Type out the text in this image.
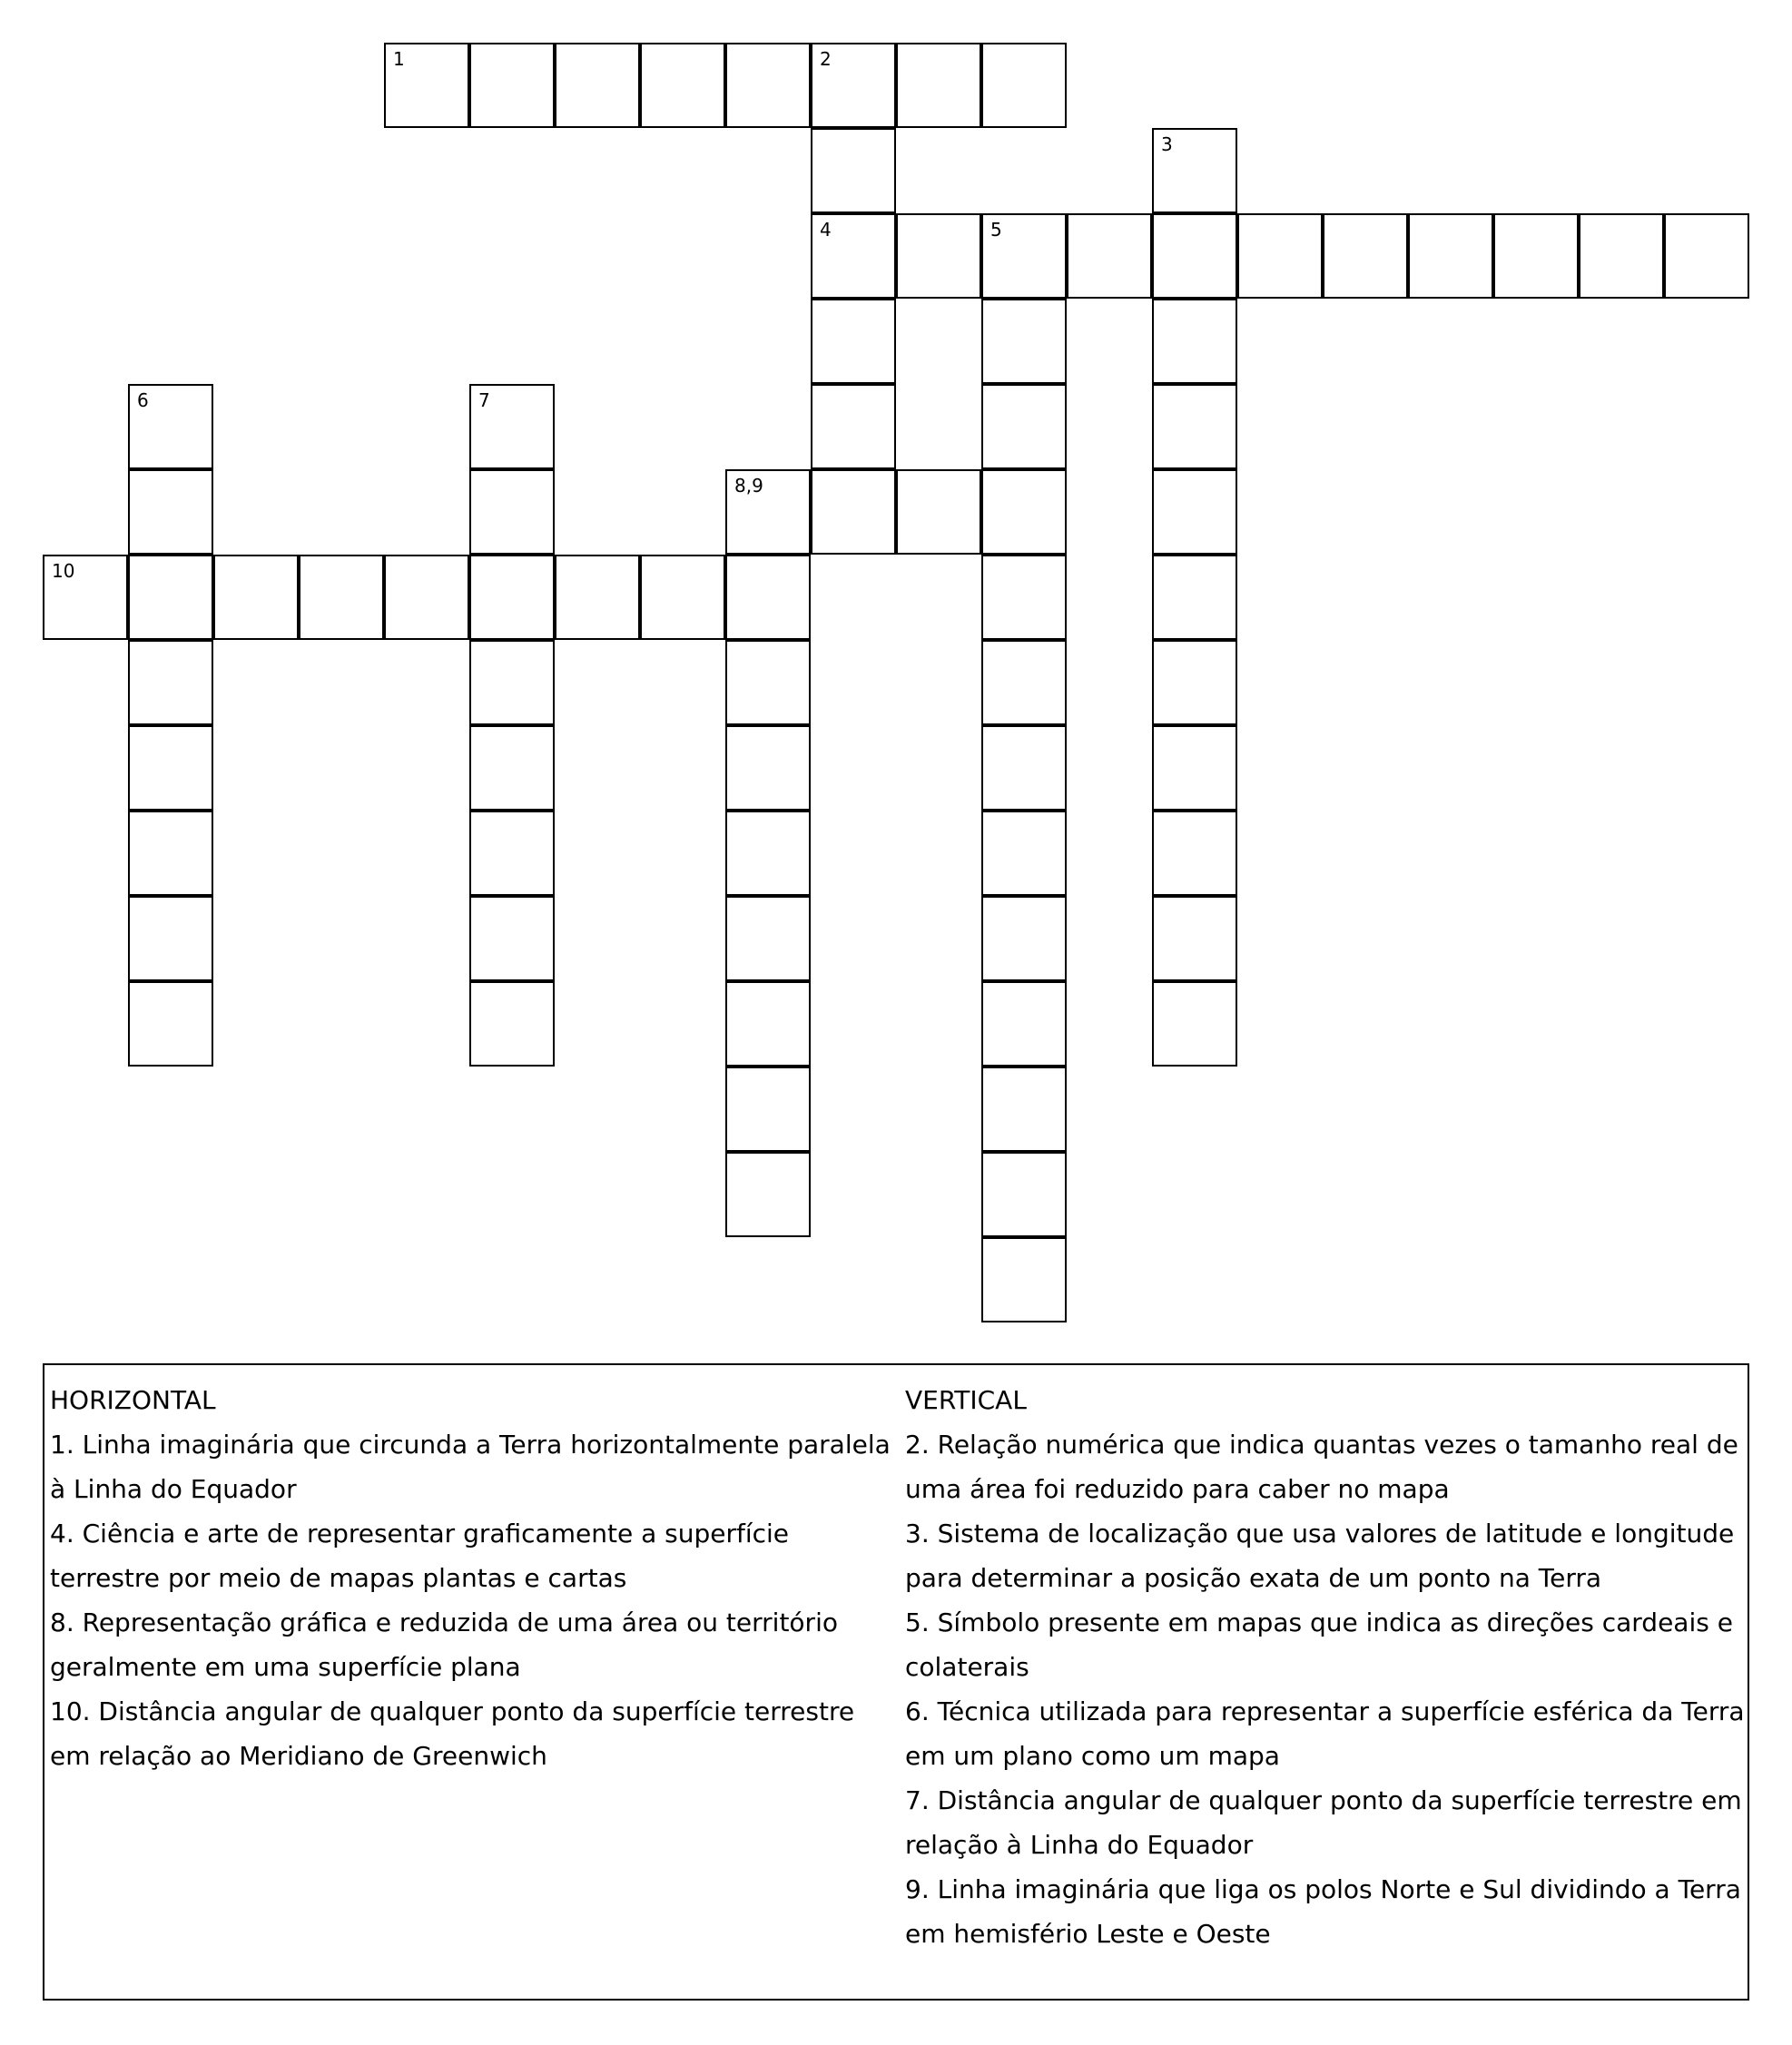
1	2
3
4	5
6	7
8,9
10

HORIZONTAL

1. Linha imaginária que circunda a Terra horizontalmente paralela à Linha do Equador

4. Ciência e arte de representar graficamente a superfície terrestre por meio de mapas plantas e cartas

8. Representação gráfica e reduzida de uma área ou território geralmente em uma superfície plana

10. Distância angular de qualquer ponto da superfície terrestre em relação ao Meridiano de Greenwich

VERTICAL

2. Relação numérica que indica quantas vezes o tamanho real de uma área foi reduzido para caber no mapa

3. Sistema de localização que usa valores de latitude e longitude para determinar a posição exata de um ponto na Terra

5. Símbolo presente em mapas que indica as direções cardeais e colaterais

6. Técnica utilizada para representar a superfície esférica da Terra em um plano como um mapa

7. Distância angular de qualquer ponto da superfície terrestre em relação à Linha do Equador

9. Linha imaginária que liga os polos Norte e Sul dividindo a Terra em hemisfério Leste e Oeste
